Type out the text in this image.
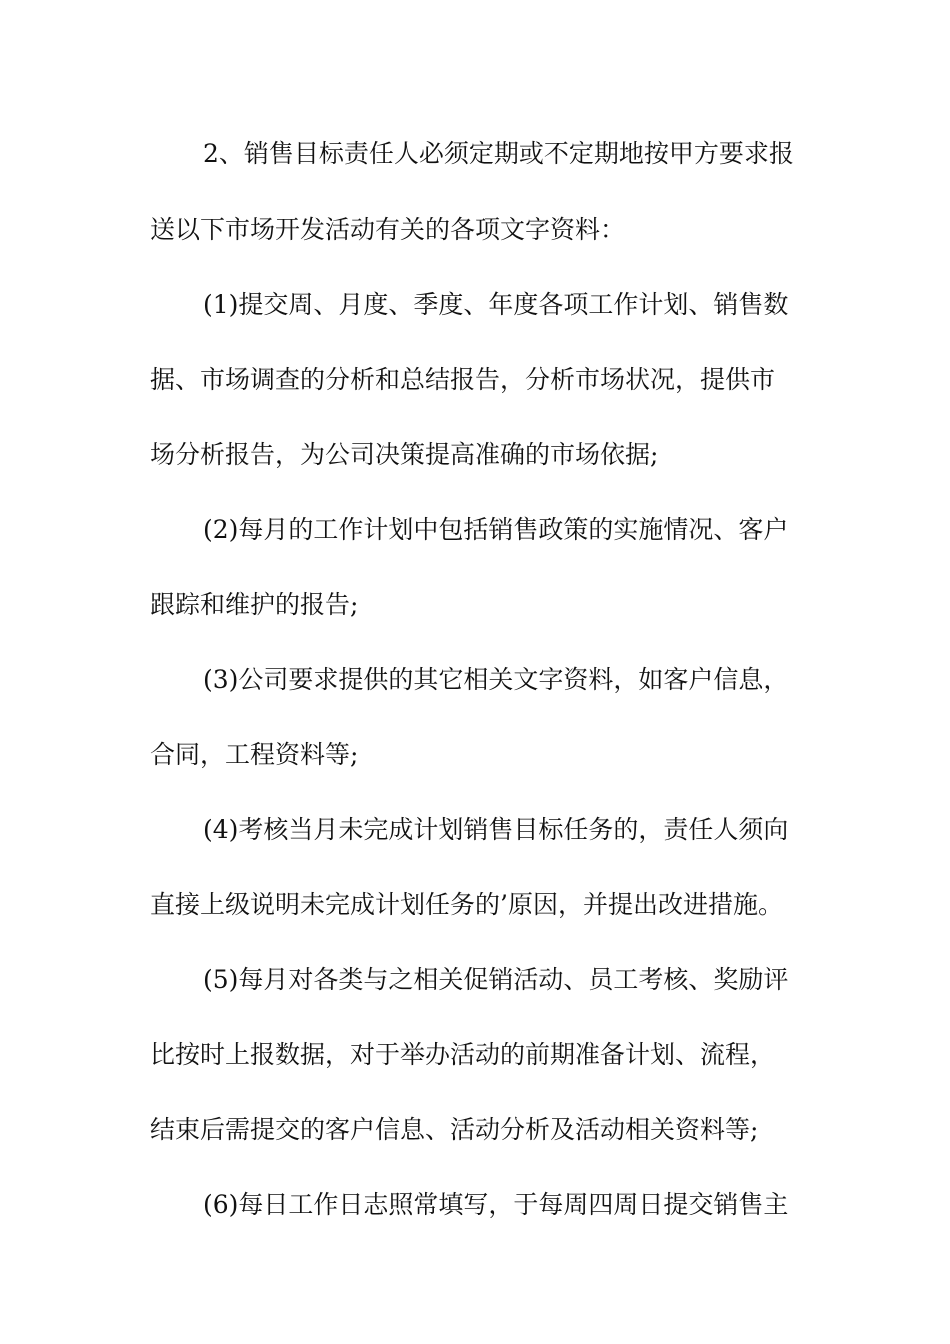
2、销售目标责任人必须定期或不定期地按甲方要求报
送以下市场开发活动有关的各项文字资料：
(1)提交周、月度、季度、年度各项工作计划、销售数
据、市场调查的分析和总结报告，分析市场状况，提供市
场分析报告，为公司决策提高准确的市场依据;
(2)每月的工作计划中包括销售政策的实施情况、客户
跟踪和维护的报告;
(3)公司要求提供的其它相关文字资料，如客户信息，
合同，工程资料等;
(4)考核当月未完成计划销售目标任务的，责任人须向
直接上级说明未完成计划任务的’原因，并提出改进措施。
(5)每月对各类与之相关促销活动、员工考核、奖励评
比按时上报数据，对于举办活动的前期准备计划、流程，
结束后需提交的客户信息、活动分析及活动相关资料等;
(6)每日工作日志照常填写，于每周四周日提交销售主
